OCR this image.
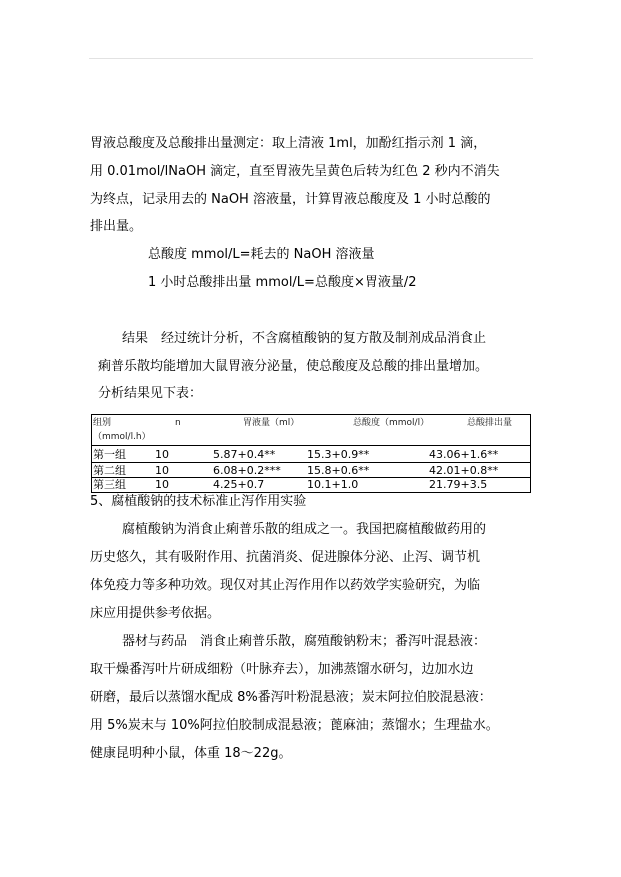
胃液总酸度及总酸排出量测定：取上清液 1ml，加酚红指示剂 1 滴，
用 0.01mol/lNaOH 滴定，直至胃液先呈黄色后转为红色 2 秒内不消失
为终点，记录用去的 NaOH 溶液量，计算胃液总酸度及 1 小时总酸的
排出量。
总酸度 mmol/L=耗去的 NaOH 溶液量
1 小时总酸排出量 mmol/L=总酸度×胃液量/2
结果　经过统计分析，不含腐植酸钠的复方散及制剂成品消食止
痢普乐散均能增加大鼠胃液分泌量，使总酸度及总酸的排出量增加。
分析结果见下表：
组别	n	胃液量（ml）	总酸度（mmol/l）	总酸排出量
（mmol/l.h）
第一组	10	5.87+0.4**	15.3+0.9**	43.06+1.6**
第二组	10	6.08+0.2*** 15.8+0.6**	42.01+0.8**
第三组	10	4.25+0.7	10.1+1.0	21.79+3.5
5、腐植酸钠的技术标准止泻作用实验
腐植酸钠为消食止痢普乐散的组成之一。我国把腐植酸做药用的
历史悠久，其有吸附作用、抗菌消炎、促进腺体分泌、止泻、调节机
体免疫力等多种功效。现仅对其止泻作用作以药效学实验研究，为临
床应用提供参考依据。
器材与药品　消食止痢普乐散，腐殖酸钠粉末；番泻叶混悬液：
取干燥番泻叶片研成细粉（叶脉弃去），加沸蒸馏水研匀，边加水边
研磨，最后以蒸馏水配成 8%番泻叶粉混悬液；炭末阿拉伯胶混悬液：
用 5%炭末与 10%阿拉伯胶制成混悬液；蓖麻油；蒸馏水；生理盐水。
健康昆明种小鼠，体重 18～22g。
